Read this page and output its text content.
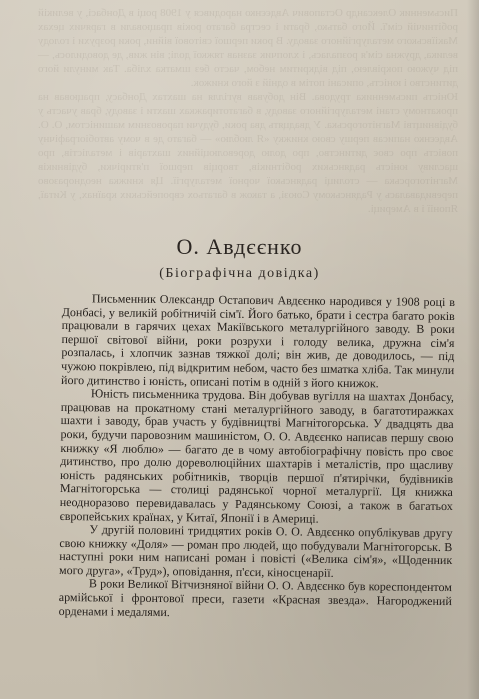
Письменник Олександр Остапович Авдєєнко народився у 1908 році в Донбасі, у великій робітничій сім'ї. Його батько, брати і сестра багато років працювали в гарячих цехах Макіївського металургійного заводу. В роки першої світової війни, роки розрухи і голоду велика, дружна сім'я розпалась, і хлопчик зазнав тяжкої долі; він жив, де доводилось, — під чужою покрівлею, під відкритим небом, часто без шматка хліба. Так минули його дитинство і юність, описані потім в одній з його книжок.

Юність письменника трудова. Він добував вугілля на шахтах Донбасу, працював на прокатному стані металургійного заводу, в багатотиражках шахти і заводу, брав участь у будівництві Магнітогорська. У двадцять два роки, будучи паровозним машиністом, О. О. Авдєєнко написав першу свою книжку «Я люблю» — багато де в чому автобіографічну повість про своє дитинство, про долю дореволюційних шахтарів і металістів, про щасливу юність радянських робітників, творців першої п'ятирічки, будівників Магнітогорська — столиці радянської чорної металургії. Ця книжка неодноразово перевидавалась у Радянському Союзі, а також в багатьох європейських країнах, у Китаї, Японії і в Америці.

О. Авдєєнко
(Біографічна довідка)

Письменник Олександр Остапович Авдєєнко народився у 1908 році в Донбасі, у великій робітничій сім'ї. Його батько, брати і сестра багато років працювали в гарячих цехах Макіївського металургійного заводу. В роки першої світової війни, роки розрухи і голоду велика, дружна сім'я розпалась, і хлопчик зазнав тяжкої долі; він жив, де доводилось, — під чужою покрівлею, під відкритим небом, часто без шматка хліба. Так минули його дитинство і юність, описані потім в одній з його книжок.

Юність письменника трудова. Він добував вугілля на шахтах Донбасу, працював на прокатному стані металургійного заводу, в багатотиражках шахти і заводу, брав участь у будівництві Магнітогорська. У двадцять два роки, будучи паровозним машиністом, О. О. Авдєєнко написав першу свою книжку «Я люблю» — багато де в чому автобіографічну повість про своє дитинство, про долю дореволюційних шахтарів і металістів, про щасливу юність радянських робітників, творців першої п'ятирічки, будівників Магнітогорська — столиці радянської чорної металургії. Ця книжка неодноразово перевидавалась у Радянському Союзі, а також в багатьох європейських країнах, у Китаї, Японії і в Америці.

У другій половині тридцятих років О. О. Авдєєнко опублікував другу свою книжку «Доля» — роман про людей, що побудували Магнітогорськ. В наступні роки ним написані роман і повісті («Велика сім'я», «Щоденник мого друга», «Труд»), оповідання, п'єси, кіносценарії.

В роки Великої Вітчизняної війни О. О. Авдєєнко був кореспондентом армійської і фронтової преси, газети «Красная звезда». Нагороджений орденами і медалями.
